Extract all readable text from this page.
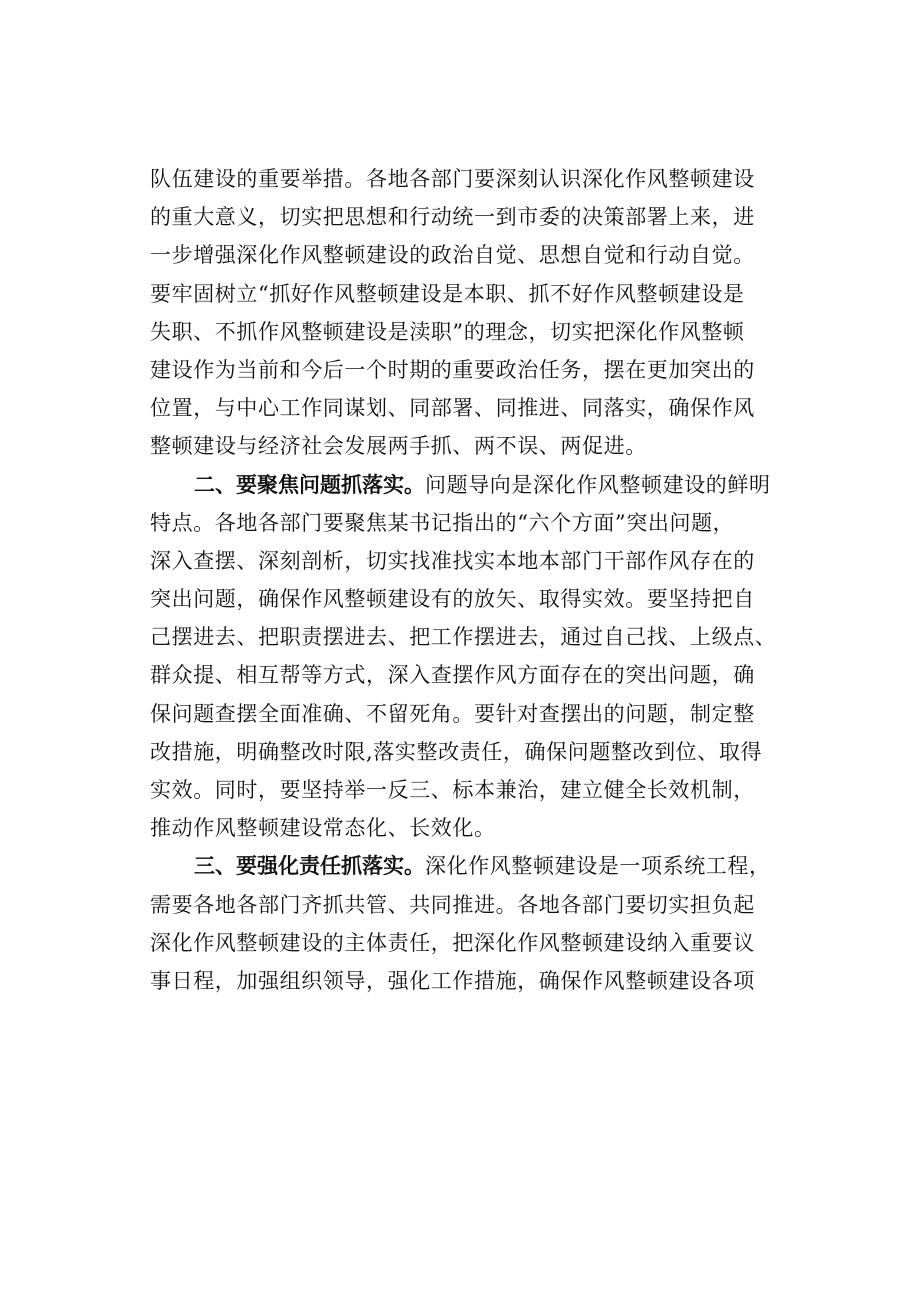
队伍建设的重要举措。各地各部门要深刻认识深化作风整顿建设
的重大意义，切实把思想和行动统一到市委的决策部署上来，进
一步增强深化作风整顿建设的政治自觉、思想自觉和行动自觉。
要牢固树立“抓好作风整顿建设是本职、抓不好作风整顿建设是
失职、不抓作风整顿建设是渎职”的理念，切实把深化作风整顿
建设作为当前和今后一个时期的重要政治任务，摆在更加突出的
位置，与中心工作同谋划、同部署、同推进、同落实，确保作风
整顿建设与经济社会发展两手抓、两不误、两促进。
二、要聚焦问题抓落实。问题导向是深化作风整顿建设的鲜明
特点。各地各部门要聚焦某书记指出的“六个方面”突出问题，
深入查摆、深刻剖析，切实找准找实本地本部门干部作风存在的
突出问题，确保作风整顿建设有的放矢、取得实效。要坚持把自
己摆进去、把职责摆进去、把工作摆进去，通过自己找、上级点、
群众提、相互帮等方式，深入查摆作风方面存在的突出问题，确
保问题查摆全面准确、不留死角。要针对查摆出的问题，制定整
改措施，明确整改时限,落实整改责任，确保问题整改到位、取得
实效。同时，要坚持举一反三、标本兼治，建立健全长效机制，
推动作风整顿建设常态化、长效化。
三、要强化责任抓落实。深化作风整顿建设是一项系统工程，
需要各地各部门齐抓共管、共同推进。各地各部门要切实担负起
深化作风整顿建设的主体责任，把深化作风整顿建设纳入重要议
事日程，加强组织领导，强化工作措施，确保作风整顿建设各项
